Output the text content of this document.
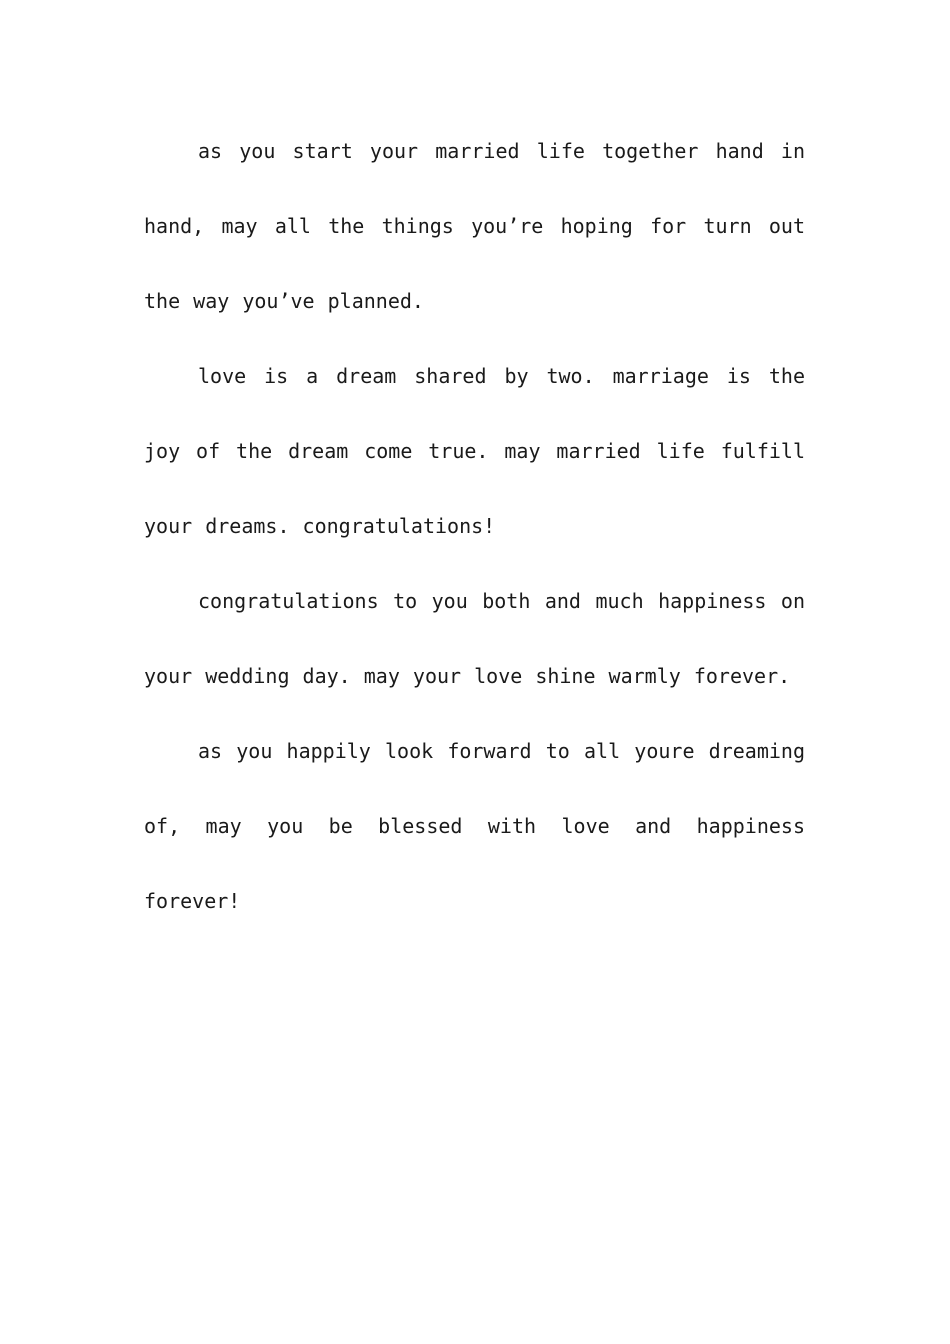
as you start your married life together hand in hand, may all the things you’re hoping for turn out the way you’ve planned.

love is a dream shared by two. marriage is the joy of the dream come true. may married life fulfill your dreams. congratulations!

congratulations to you both and much happiness on your wedding day. may your love shine warmly forever.

as you happily look forward to all youre dreaming of, may you be blessed with love and happiness forever!
